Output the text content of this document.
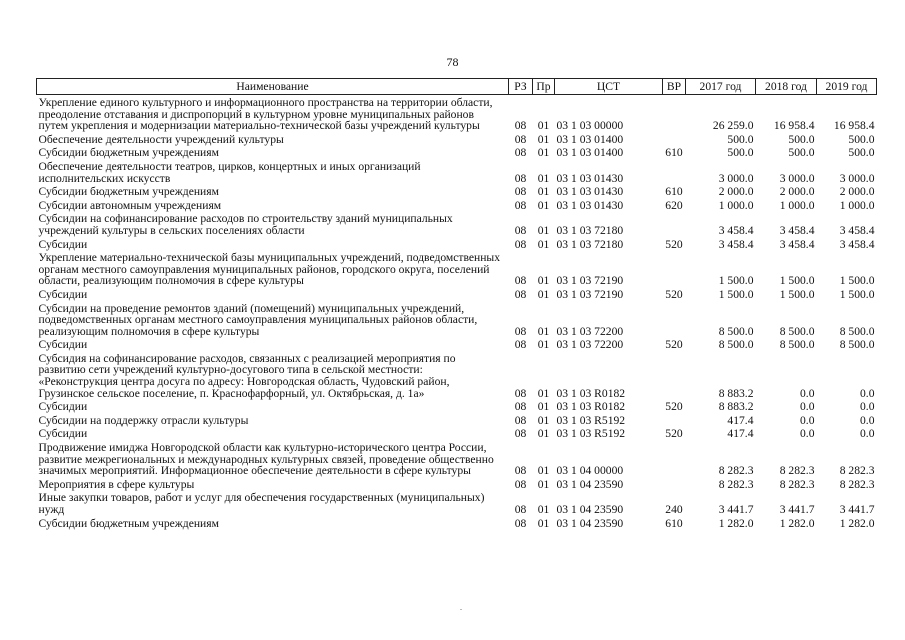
78
Наименование	РЗ	Пр	ЦСТ	ВР	2017 год	2018 год	2019 год
Укрепление единого культурного и информационного пространства на территории области, преодоление отставания и диспропорций в культурном уровне муниципальных районов путем укрепления и модернизации материально-технической базы учреждений культуры	08	01	03 1 03 00000		26 259.0	16 958.4	16 958.4
Обеспечение деятельности учреждений культуры	08	01	03 1 03 01400		500.0	500.0	500.0
Субсидии бюджетным учреждениям	08	01	03 1 03 01400	610	500.0	500.0	500.0
Обеспечение деятельности театров, цирков, концертных и иных организаций исполнительских искусств	08	01	03 1 03 01430		3 000.0	3 000.0	3 000.0
Субсидии бюджетным учреждениям	08	01	03 1 03 01430	610	2 000.0	2 000.0	2 000.0
Субсидии автономным учреждениям	08	01	03 1 03 01430	620	1 000.0	1 000.0	1 000.0
Субсидии на софинансирование расходов по строительству зданий муниципальных учреждений культуры в сельских поселениях области	08	01	03 1 03 72180		3 458.4	3 458.4	3 458.4
Субсидии	08	01	03 1 03 72180	520	3 458.4	3 458.4	3 458.4
Укрепление материально-технической базы муниципальных учреждений, подведомственных органам местного самоуправления муниципальных районов, городского округа, поселений области, реализующим полномочия в сфере культуры	08	01	03 1 03 72190		1 500.0	1 500.0	1 500.0
Субсидии	08	01	03 1 03 72190	520	1 500.0	1 500.0	1 500.0
Субсидии на проведение ремонтов зданий (помещений) муниципальных учреждений, подведомственных органам местного самоуправления муниципальных районов области, реализующим полномочия в сфере культуры	08	01	03 1 03 72200		8 500.0	8 500.0	8 500.0
Субсидии	08	01	03 1 03 72200	520	8 500.0	8 500.0	8 500.0
Субсидия на софинансирование расходов, связанных с реализацией мероприятия по развитию сети учреждений культурно-досугового типа в сельской местности: «Реконструкция центра досуга по адресу: Новгородская область, Чудовский район, Грузинское сельское поселение, п. Краснофарфорный, ул. Октябрьская, д. 1а»	08	01	03 1 03 R0182		8 883.2	0.0	0.0
Субсидии	08	01	03 1 03 R0182	520	8 883.2	0.0	0.0
Субсидии на поддержку отрасли культуры	08	01	03 1 03 R5192		417.4	0.0	0.0
Субсидии	08	01	03 1 03 R5192	520	417.4	0.0	0.0
Продвижение имиджа Новгородской области как культурно-исторического центра России, развитие межрегиональных и международных культурных связей, проведение общественно значимых мероприятий. Информационное обеспечение деятельности в сфере культуры	08	01	03 1 04 00000		8 282.3	8 282.3	8 282.3
Мероприятия в сфере культуры	08	01	03 1 04 23590		8 282.3	8 282.3	8 282.3
Иные закупки товаров, работ и услуг для обеспечения государственных (муниципальных) нужд	08	01	03 1 04 23590	240	3 441.7	3 441.7	3 441.7
Субсидии бюджетным учреждениям	08	01	03 1 04 23590	610	1 282.0	1 282.0	1 282.0
